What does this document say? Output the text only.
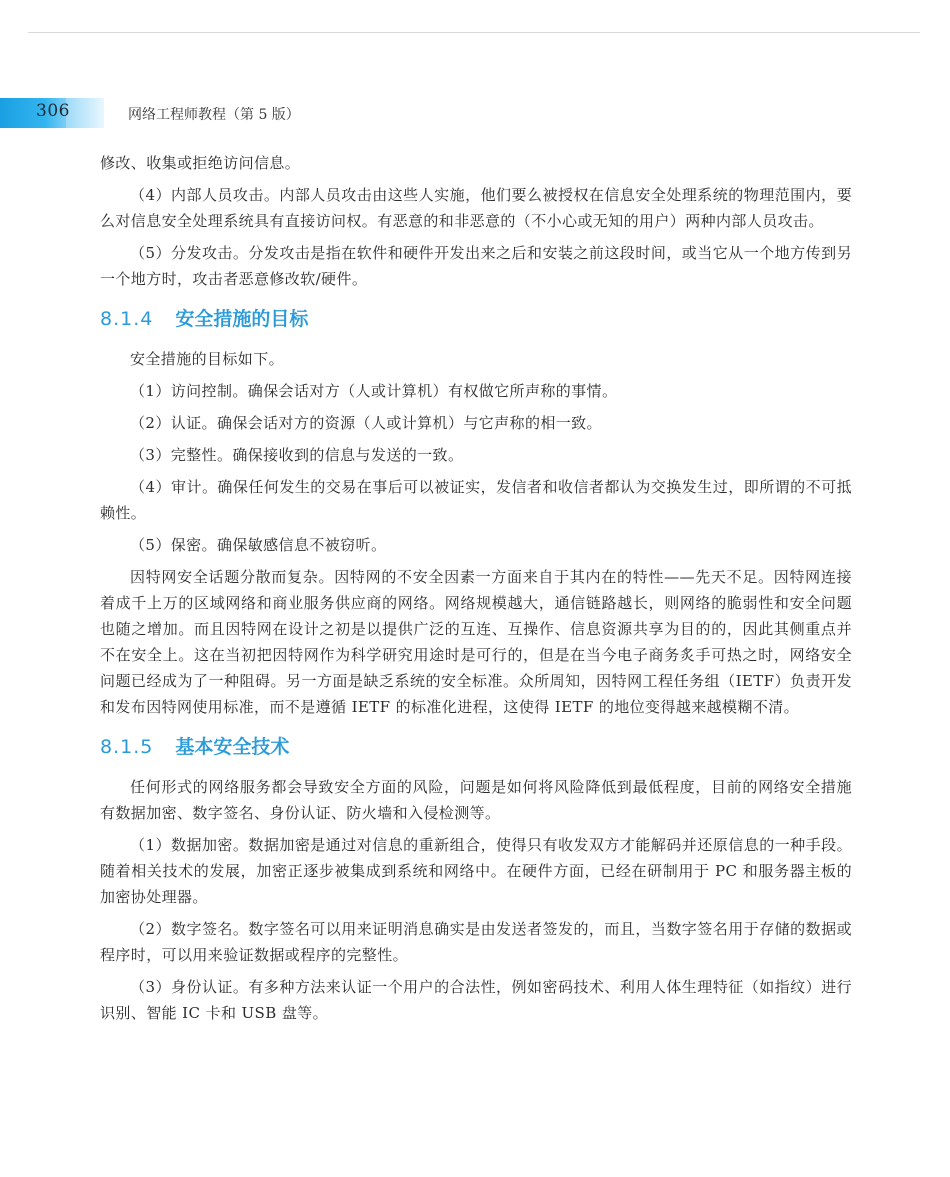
306	网络工程师教程（第 5 版）

修改、收集或拒绝访问信息。

（4）内部人员攻击。内部人员攻击由这些人实施，他们要么被授权在信息安全处理系统的物理范围内，要么对信息安全处理系统具有直接访问权。有恶意的和非恶意的（不小心或无知的用户）两种内部人员攻击。

（5）分发攻击。分发攻击是指在软件和硬件开发出来之后和安装之前这段时间，或当它从一个地方传到另一个地方时，攻击者恶意修改软/硬件。

8.1.4 安全措施的目标

安全措施的目标如下。

（1）访问控制。确保会话对方（人或计算机）有权做它所声称的事情。

（2）认证。确保会话对方的资源（人或计算机）与它声称的相一致。

（3）完整性。确保接收到的信息与发送的一致。

（4）审计。确保任何发生的交易在事后可以被证实，发信者和收信者都认为交换发生过，即所谓的不可抵赖性。

（5）保密。确保敏感信息不被窃听。

因特网安全话题分散而复杂。因特网的不安全因素一方面来自于其内在的特性——先天不足。因特网连接着成千上万的区域网络和商业服务供应商的网络。网络规模越大，通信链路越长，则网络的脆弱性和安全问题也随之增加。而且因特网在设计之初是以提供广泛的互连、互操作、信息资源共享为目的的，因此其侧重点并不在安全上。这在当初把因特网作为科学研究用途时是可行的，但是在当今电子商务炙手可热之时，网络安全问题已经成为了一种阻碍。另一方面是缺乏系统的安全标准。众所周知，因特网工程任务组（IETF）负责开发和发布因特网使用标准，而不是遵循 IETF 的标准化进程，这使得 IETF 的地位变得越来越模糊不清。

8.1.5 基本安全技术

任何形式的网络服务都会导致安全方面的风险，问题是如何将风险降低到最低程度，目前的网络安全措施有数据加密、数字签名、身份认证、防火墙和入侵检测等。

（1）数据加密。数据加密是通过对信息的重新组合，使得只有收发双方才能解码并还原信息的一种手段。随着相关技术的发展，加密正逐步被集成到系统和网络中。在硬件方面，已经在研制用于 PC 和服务器主板的加密协处理器。

（2）数字签名。数字签名可以用来证明消息确实是由发送者签发的，而且，当数字签名用于存储的数据或程序时，可以用来验证数据或程序的完整性。

（3）身份认证。有多种方法来认证一个用户的合法性，例如密码技术、利用人体生理特征（如指纹）进行识别、智能 IC 卡和 USB 盘等。
